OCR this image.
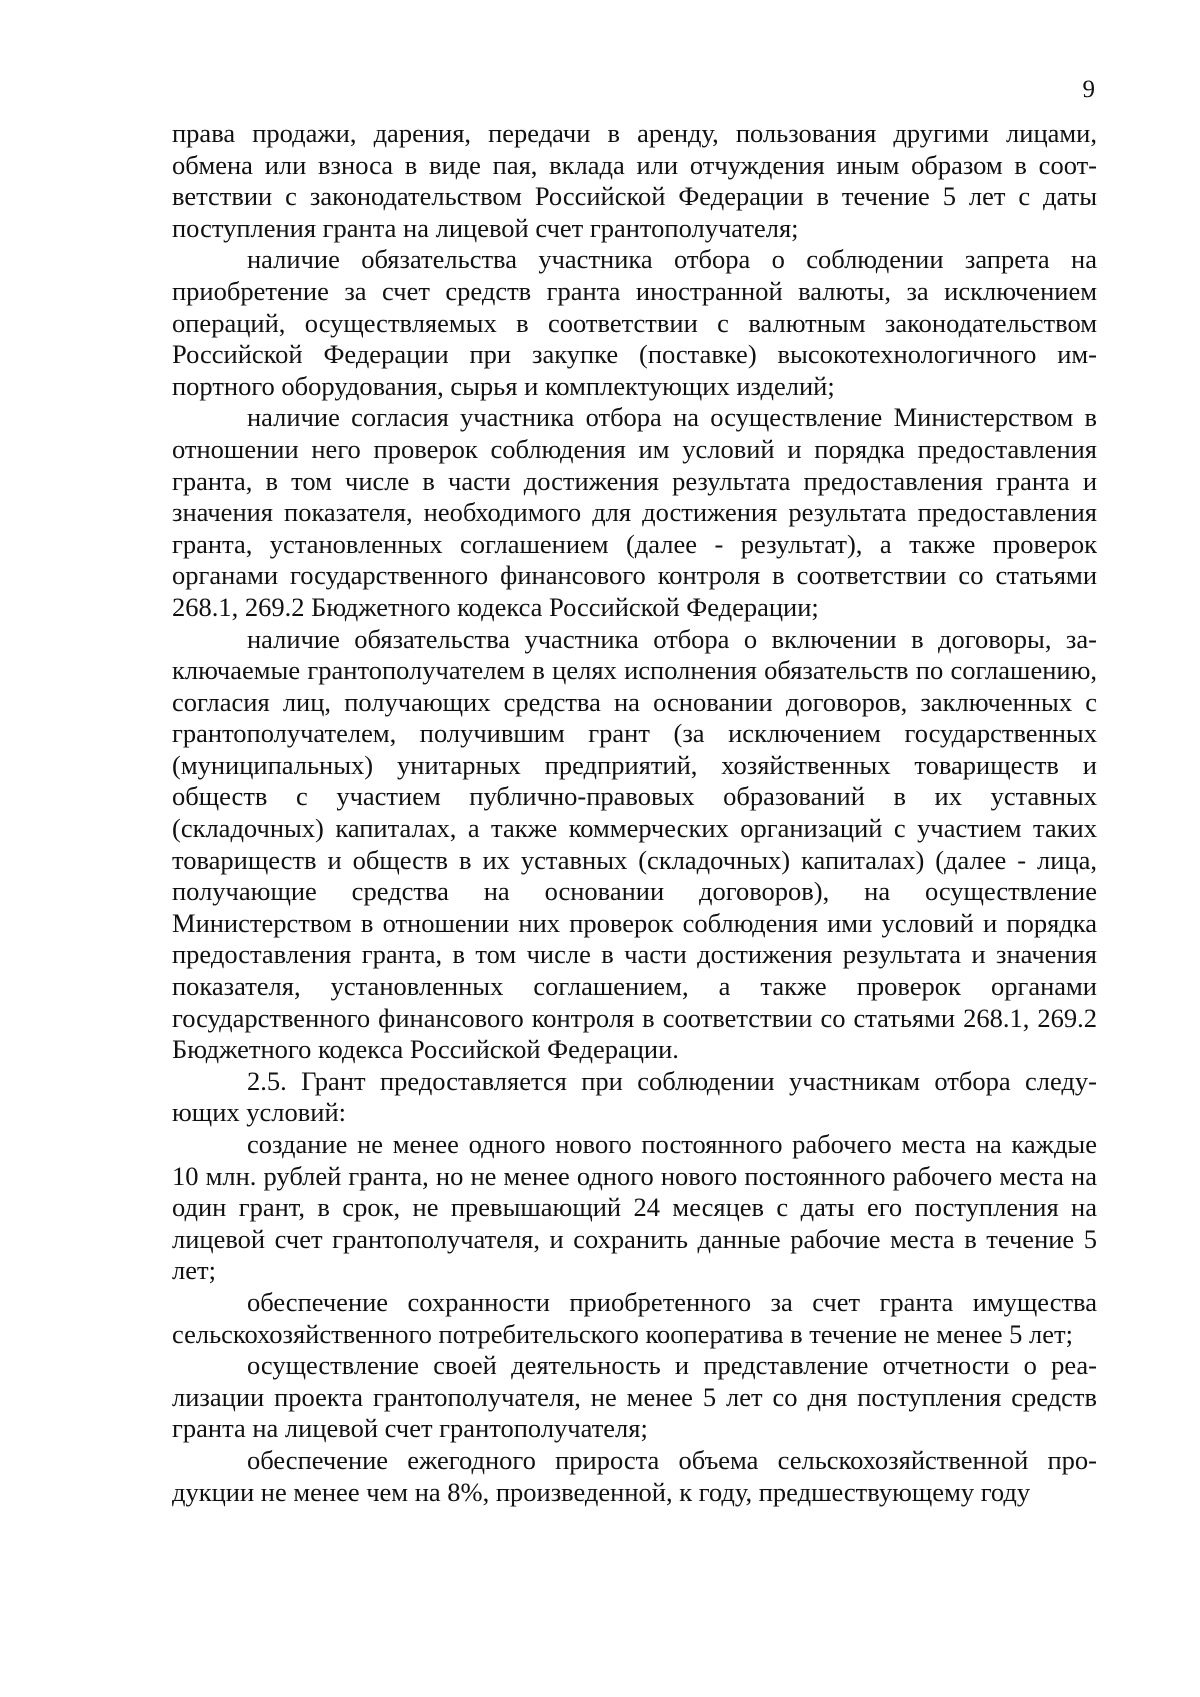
9

права продажи, дарения, передачи в аренду, пользования другими лицами, обмена или взноса в виде пая, вклада или отчуждения иным образом в соответствии с законодательством Российской Федерации в течение 5 лет с даты поступления гранта на лицевой счет грантополучателя;

наличие обязательства участника отбора о соблюдении запрета на приобретение за счет средств гранта иностранной валюты, за исключением операций, осуществляемых в соответствии с валютным законодательством Российской Федерации при закупке (поставке) высокотехнологичного импортного оборудования, сырья и комплектующих изделий;

наличие согласия участника отбора на осуществление Министерством в отношении него проверок соблюдения им условий и порядка предоставления гранта, в том числе в части достижения результата предоставления гранта и значения показателя, необходимого для достижения результата предоставления гранта, установленных соглашением (далее - результат), а также проверок органами государственного финансового контроля в соответствии со статьями 268.1, 269.2 Бюджетного кодекса Российской Федерации;

наличие обязательства участника отбора о включении в договоры, заключаемые грантополучателем в целях исполнения обязательств по соглашению, согласия лиц, получающих средства на основании договоров, заключенных с грантополучателем, получившим грант (за исключением государственных (муниципальных) унитарных предприятий, хозяйственных товариществ и обществ с участием публично-правовых образований в их уставных (складочных) капиталах, а также коммерческих организаций с участием таких товариществ и обществ в их уставных (складочных) капиталах) (далее - лица, получающие средства на основании договоров), на осуществление Министерством в отношении них проверок соблюдения ими условий и порядка предоставления гранта, в том числе в части достижения результата и значения показателя, установленных соглашением, а также проверок органами государственного финансового контроля в соответствии со статьями 268.1, 269.2 Бюджетного кодекса Российской Федерации.

2.5. Грант предоставляется при соблюдении участникам отбора следующих условий:

создание не менее одного нового постоянного рабочего места на каждые 10 млн. рублей гранта, но не менее одного нового постоянного рабочего места на один грант, в срок, не превышающий 24 месяцев с даты его поступления на лицевой счет грантополучателя, и сохранить данные рабочие места в течение 5 лет;

обеспечение сохранности приобретенного за счет гранта имущества сельскохозяйственного потребительского кооператива в течение не менее 5 лет;

осуществление своей деятельность и представление отчетности о реализации проекта грантополучателя, не менее 5 лет со дня поступления средств гранта на лицевой счет грантополучателя;

обеспечение ежегодного прироста объема сельскохозяйственной продукции не менее чем на 8%, произведенной, к году, предшествующему году
